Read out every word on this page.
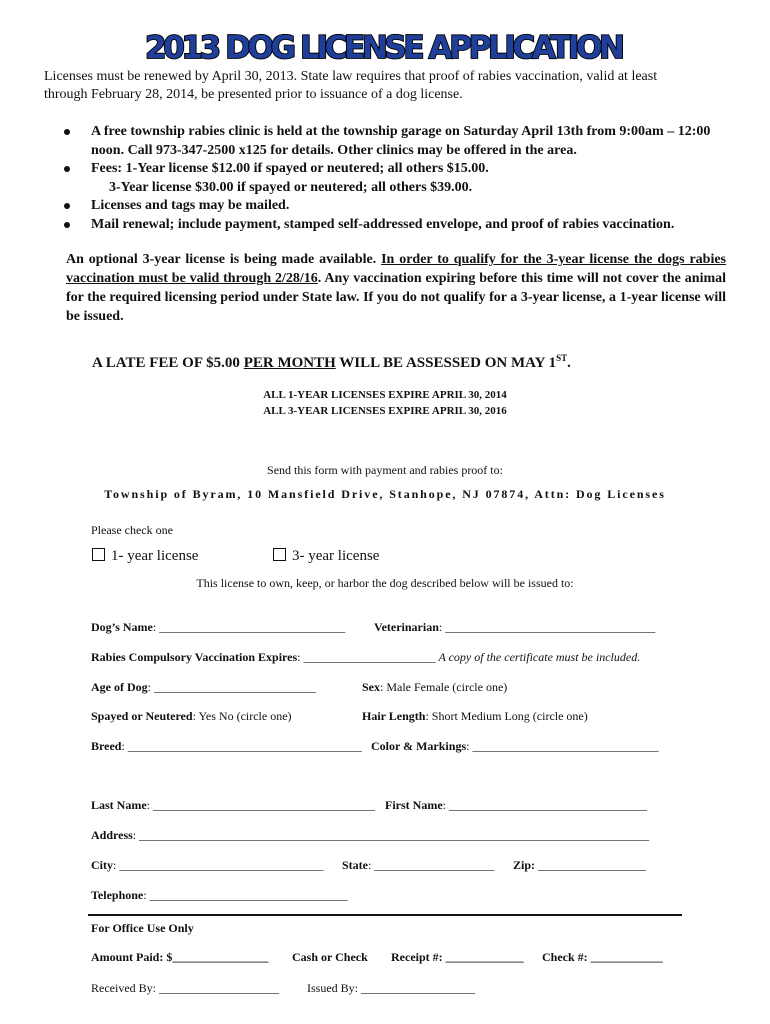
2013 DOG LICENSE APPLICATION
Licenses must be renewed by April 30, 2013. State law requires that proof of rabies vaccination, valid at least
through February 28, 2014, be presented prior to issuance of a dog license.
A free township rabies clinic is held at the township garage on Saturday April 13th from 9:00am – 12:00 noon. Call 973-347-2500 x125 for details. Other clinics may be offered in the area.
Fees: 1-Year license $12.00 if spayed or neutered; all others $15.00.
3-Year license $30.00 if spayed or neutered; all others $39.00.
Licenses and tags may be mailed.
Mail renewal; include payment, stamped self-addressed envelope, and proof of rabies vaccination.
An optional 3-year license is being made available. In order to qualify for the 3-year license the dogs rabies vaccination must be valid through 2/28/16. Any vaccination expiring before this time will not cover the animal for the required licensing period under State law. If you do not qualify for a 3-year license, a 1-year license will be issued.
A LATE FEE OF $5.00 PER MONTH WILL BE ASSESSED ON MAY 1ST.
ALL 1-YEAR LICENSES EXPIRE APRIL 30, 2014
ALL 3-YEAR LICENSES EXPIRE APRIL 30, 2016
Send this form with payment and rabies proof to:
Township of Byram, 10 Mansfield Drive, Stanhope, NJ 07874, Attn: Dog Licenses
Please check one
1- year license	3- year license
This license to own, keep, or harbor the dog described below will be issued to:
Dog’s Name: _______________________________ Veterinarian: ___________________________________
Rabies Compulsory Vaccination Expires: ______________________ A copy of the certificate must be included.
Age of Dog: ___________________________	Sex: Male Female (circle one)
Spayed or Neutered: Yes No (circle one)	Hair Length: Short Medium Long (circle one)
Breed: _______________________________________ Color & Markings: _______________________________
Last Name: _____________________________________ First Name: _________________________________
Address: _____________________________________________________________________________________
City: __________________________________ State: ____________________ Zip: __________________
Telephone: _________________________________
For Office Use Only
Amount Paid: $________________ Cash or Check Receipt #: _____________ Check #: ____________
Received By: ____________________ Issued By: ___________________
